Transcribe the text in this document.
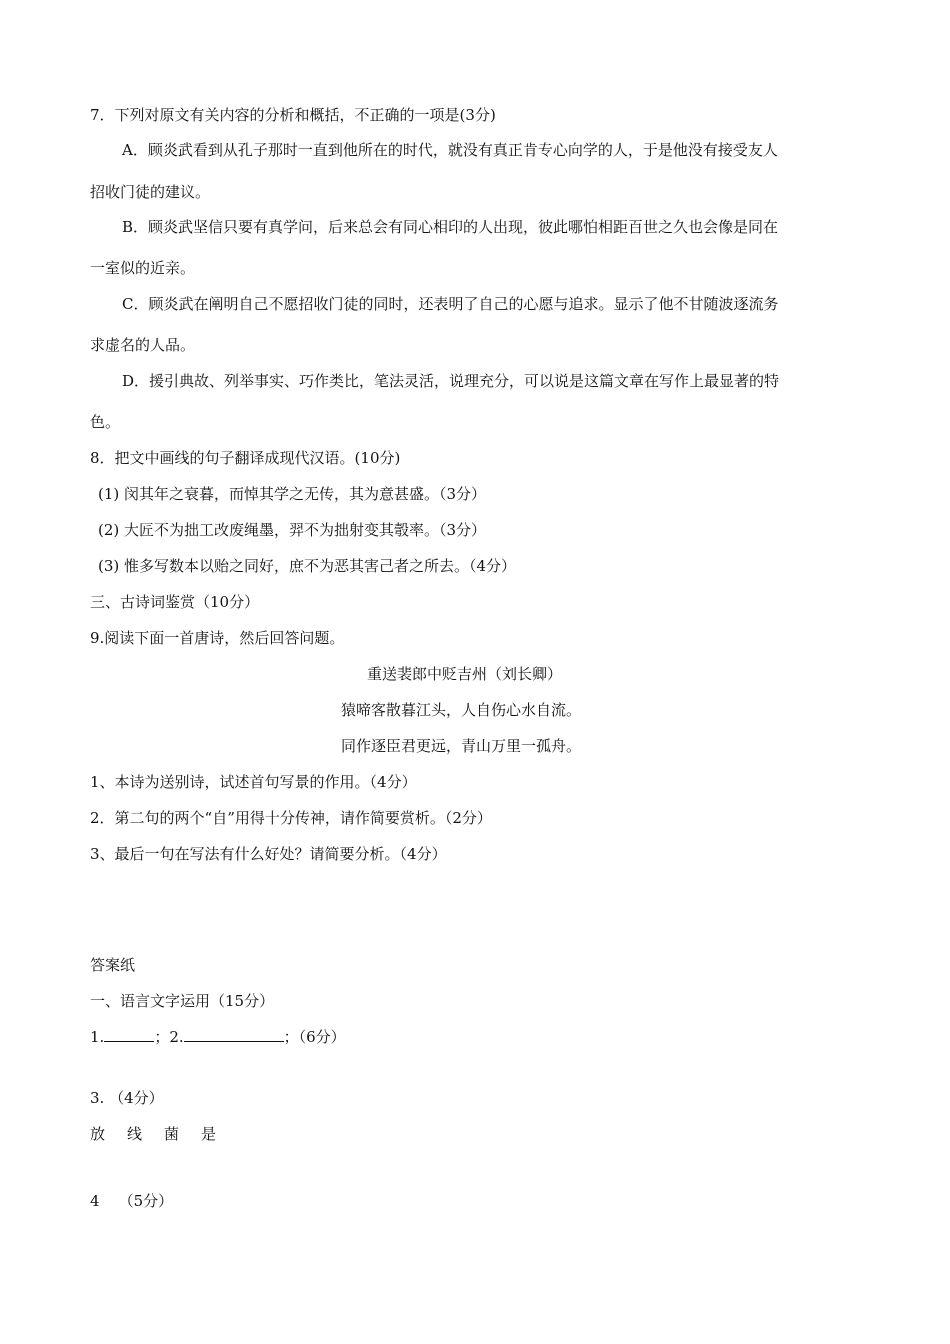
7．下列对原文有关内容的分析和概括，不正确的一项是(3分)
A．顾炎武看到从孔子那时一直到他所在的时代，就没有真正肯专心向学的人，于是他没有接受友人
招收门徒的建议。
B．顾炎武坚信只要有真学问，后来总会有同心相印的人出现，彼此哪怕相距百世之久也会像是同在
一室似的近亲。
C．顾炎武在阐明自己不愿招收门徒的同时，还表明了自己的心愿与追求。显示了他不甘随波逐流务
求虚名的人品。
D．援引典故、列举事实、巧作类比，笔法灵活，说理充分，可以说是这篇文章在写作上最显著的特
色。
8．把文中画线的句子翻译成现代汉语。(10分)
(1) 闵其年之衰暮，而悼其学之无传，其为意甚盛。（3分）
(2) 大匠不为拙工改废绳墨，羿不为拙射变其彀率。（3分）
(3) 惟多写数本以贻之同好，庶不为恶其害己者之所去。（4分）
三、古诗词鉴赏（10分）
9.阅读下面一首唐诗，然后回答问题。
重送裴郎中贬吉州（刘长卿）
猿啼客散暮江头，人自伤心水自流。
同作逐臣君更远，青山万里一孤舟。
1、本诗为送别诗，试述首句写景的作用。（4分）
2．第二句的两个“自”用得十分传神，请作简要赏析。（2分）
3、最后一句在写法有什么好处？请简要分析。（4分）
答案纸
一、语言文字运用（15分）
1.	；2.	；（6分）
3. （4分）
放 线 菌 是
4    （5分）
